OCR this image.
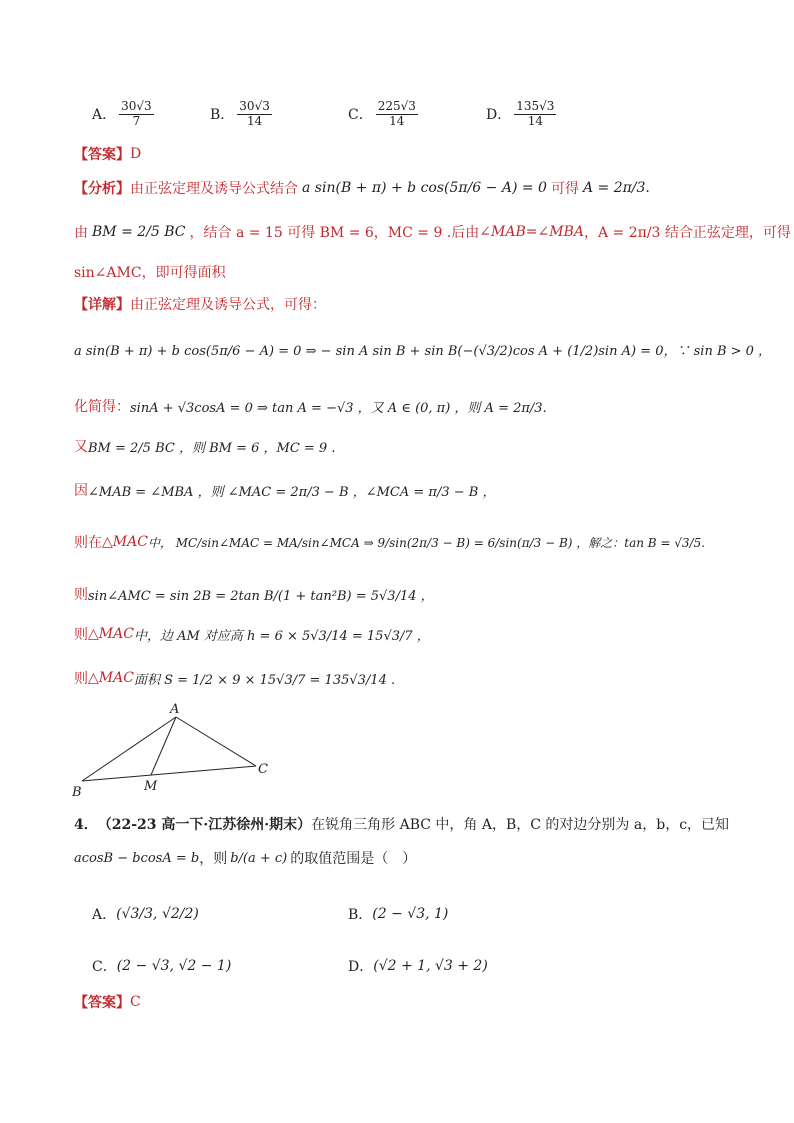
A． $\frac{30√3}{7}$	B． $\frac{30√3}{14}$	C． $\frac{225√3}{14}$	D． $\frac{135√3}{14}$
【答案】 D
【分析】 由正弦定理及诱导公式结合 a sin(B + π) + b cos(5π/6 − A) = 0 可得 A = 2π/3.
由 BM = 2/5 BC ，结合 a = 15 可得 BM = 6，MC = 9 .后由 ∠MAB=∠MBA ，A = 2π/3 结合正弦定理，可得
sin∠AMC，即可得面积
【详解】 由正弦定理及诱导公式，可得：
a sin(B + π) + b cos(5π/6 − A) = 0 ⇒ − sin A sin B + sin B(−(√3/2)cos A + (1/2)sin A) = 0，∵ sin B > 0 ，
化简得： sinA + √3cosA = 0 ⇒ tan A = −√3 ，又 A ∈ (0, π) ，则 A = 2π/3.
又 BM = 2/5 BC ，则 BM = 6 ，MC = 9 .
因 ∠MAB = ∠MBA ，则 ∠MAC = 2π/3 − B ，∠MCA = π/3 − B ，
则在 △MAC 中， MC/sin∠MAC = MA/sin∠MCA ⇒ 9/sin(2π/3 − B) = 6/sin(π/3 − B) ，解之：tan B = √3/5.
则 sin∠AMC = sin 2B = 2tan B/(1 + tan²B) = 5√3/14 ，
则 △MAC 中，边 AM 对应高 h = 6 × 5√3/14 = 15√3/7 ，
则 △MAC 面积 S = 1/2 × 9 × 15√3/7 = 135√3/14 .
A
B
C
M
4． （22-23 高一下·江苏徐州·期末） 在锐角三角形 ABC 中，角 A，B，C 的对边分别为 a，b，c，已知
acosB − bcosA = b ，则 b/(a + c) 的取值范围是（　）
A． (√3/3, √2/2)	B． (2 − √3, 1)
C． (2 − √3, √2 − 1)	D． (√2 + 1, √3 + 2)
【答案】 C
